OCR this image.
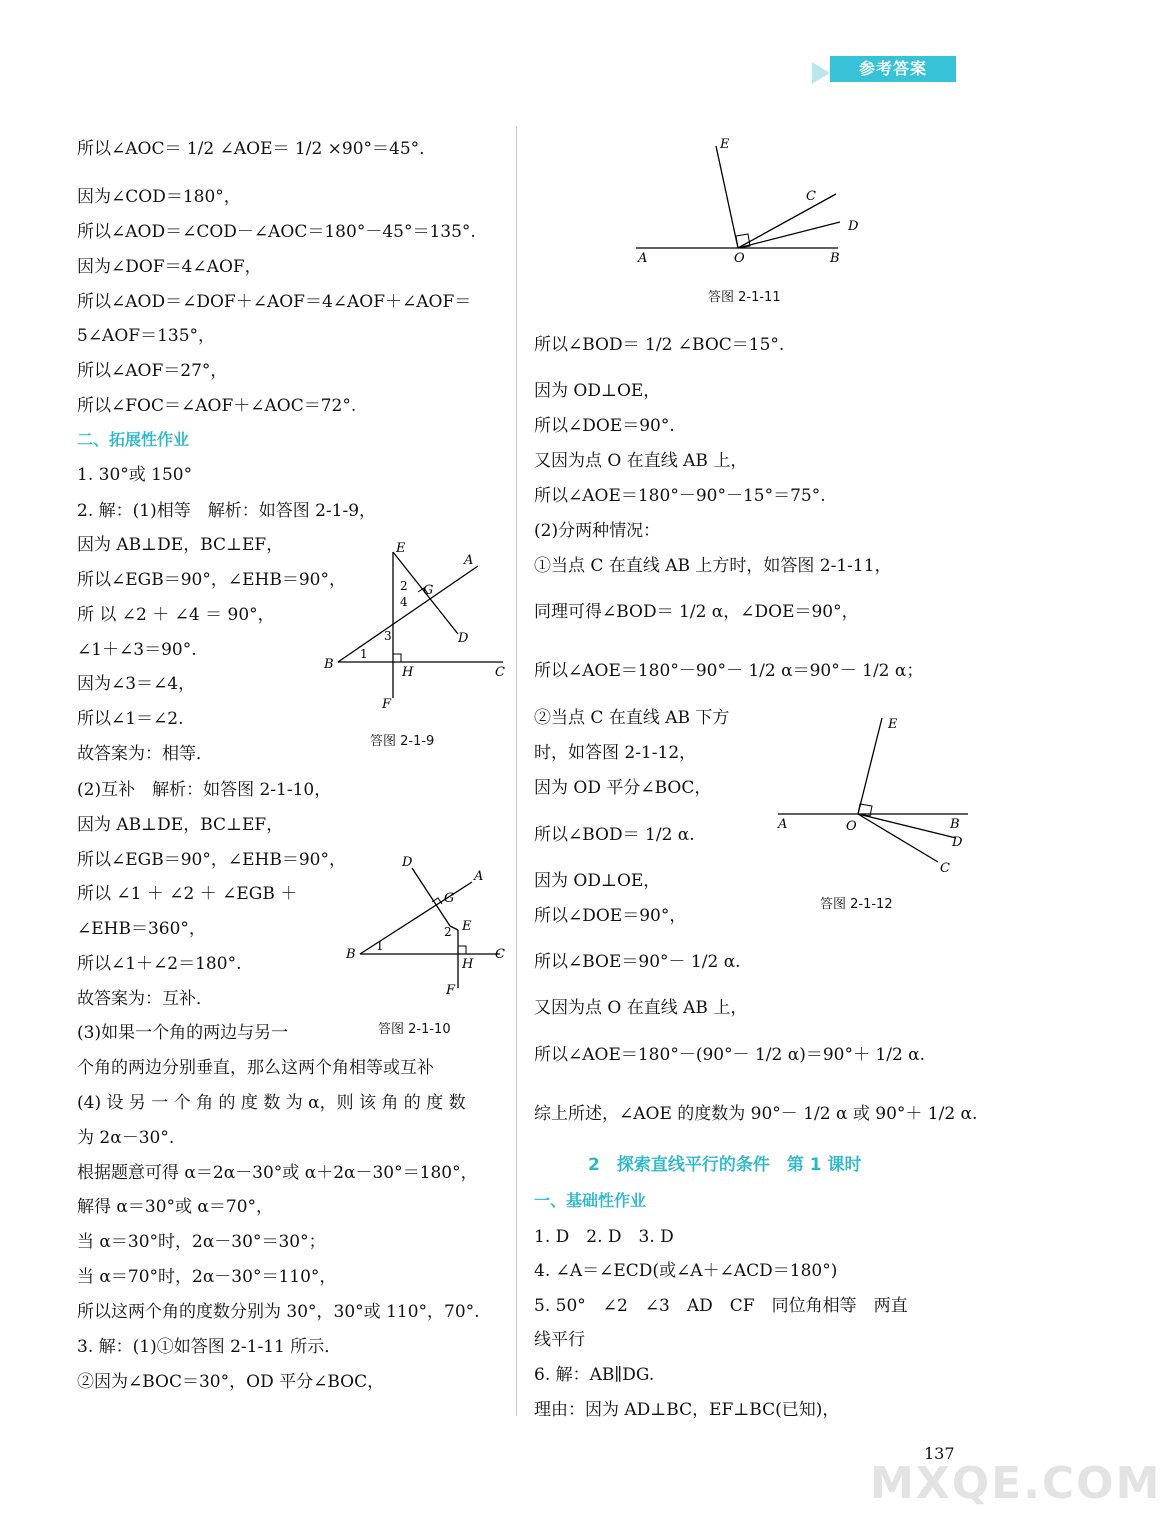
参考答案
所以∠AOC＝ 1/2 ∠AOE＝ 1/2 ×90°＝45°.
因为∠COD＝180°，
所以∠AOD＝∠COD－∠AOC＝180°－45°＝135°.
因为∠DOF＝4∠AOF，
所以∠AOD＝∠DOF＋∠AOF＝4∠AOF＋∠AOF＝
5∠AOF＝135°，
所以∠AOF＝27°，
所以∠FOC＝∠AOF＋∠AOC＝72°.
二、拓展性作业
1. 30°或 150°
2. 解：(1)相等　解析：如答图 2-1-9，
因为 AB⊥DE，BC⊥EF，
所以∠EGB＝90°，∠EHB＝90°，
所 以 ∠2 ＋ ∠4 ＝ 90°，
∠1＋∠3＝90°.
因为∠3＝∠4，
所以∠1＝∠2.
故答案为：相等．
(2)互补　解析：如答图 2-1-10，
因为 AB⊥DE，BC⊥EF，
所以∠EGB＝90°，∠EHB＝90°，
所以 ∠1 ＋ ∠2 ＋ ∠EGB ＋
∠EHB＝360°，
所以∠1＋∠2＝180°.
故答案为：互补．
(3)如果一个角的两边与另一
个角的两边分别垂直，那么这两个角相等或互补
(4) 设 另 一 个 角 的 度 数 为 α，则 该 角 的 度 数
为 2α－30°.
根据题意可得 α＝2α－30°或 α＋2α－30°＝180°，
解得 α＝30°或 α＝70°，
当 α＝30°时，2α－30°＝30°；
当 α＝70°时，2α－30°＝110°，
所以这两个角的度数分别为 30°，30°或 110°，70°.
3. 解：(1)①如答图 2-1-11 所示．
②因为∠BOC＝30°，OD 平分∠BOC，
E
A
G
D
B
H	C
F
2
4
3
1
答图 2-1-9
D
A
G
E
B
H
C
F
2
1
答图 2-1-10
E
C
D
A	O	B
答图 2-1-11
E
A	O	B
D
C
答图 2-1-12
所以∠BOD＝ 1/2 ∠BOC＝15°.
因为 OD⊥OE，
所以∠DOE＝90°.
又因为点 O 在直线 AB 上，
所以∠AOE＝180°－90°－15°＝75°.
(2)分两种情况：
①当点 C 在直线 AB 上方时，如答图 2-1-11，
同理可得∠BOD＝ 1/2 α，∠DOE＝90°，
所以∠AOE＝180°－90°－ 1/2 α＝90°－ 1/2 α；
②当点 C 在直线 AB 下方
时，如答图 2-1-12，
因为 OD 平分∠BOC，
所以∠BOD＝ 1/2 α.
因为 OD⊥OE，
所以∠DOE＝90°，
所以∠BOE＝90°－ 1/2 α.
又因为点 O 在直线 AB 上，
所以∠AOE＝180°－(90°－ 1/2 α)＝90°＋ 1/2 α.
综上所述，∠AOE 的度数为 90°－ 1/2 α 或 90°＋ 1/2 α.
2　探索直线平行的条件　第 1 课时
一、基础性作业
1. D　2. D　3. D
4. ∠A＝∠ECD(或∠A＋∠ACD＝180°)
5. 50°　∠2　∠3　AD　CF　同位角相等　两直
线平行
6. 解：AB∥DG.
理由：因为 AD⊥BC，EF⊥BC(已知)，
MXQE.COM
137
